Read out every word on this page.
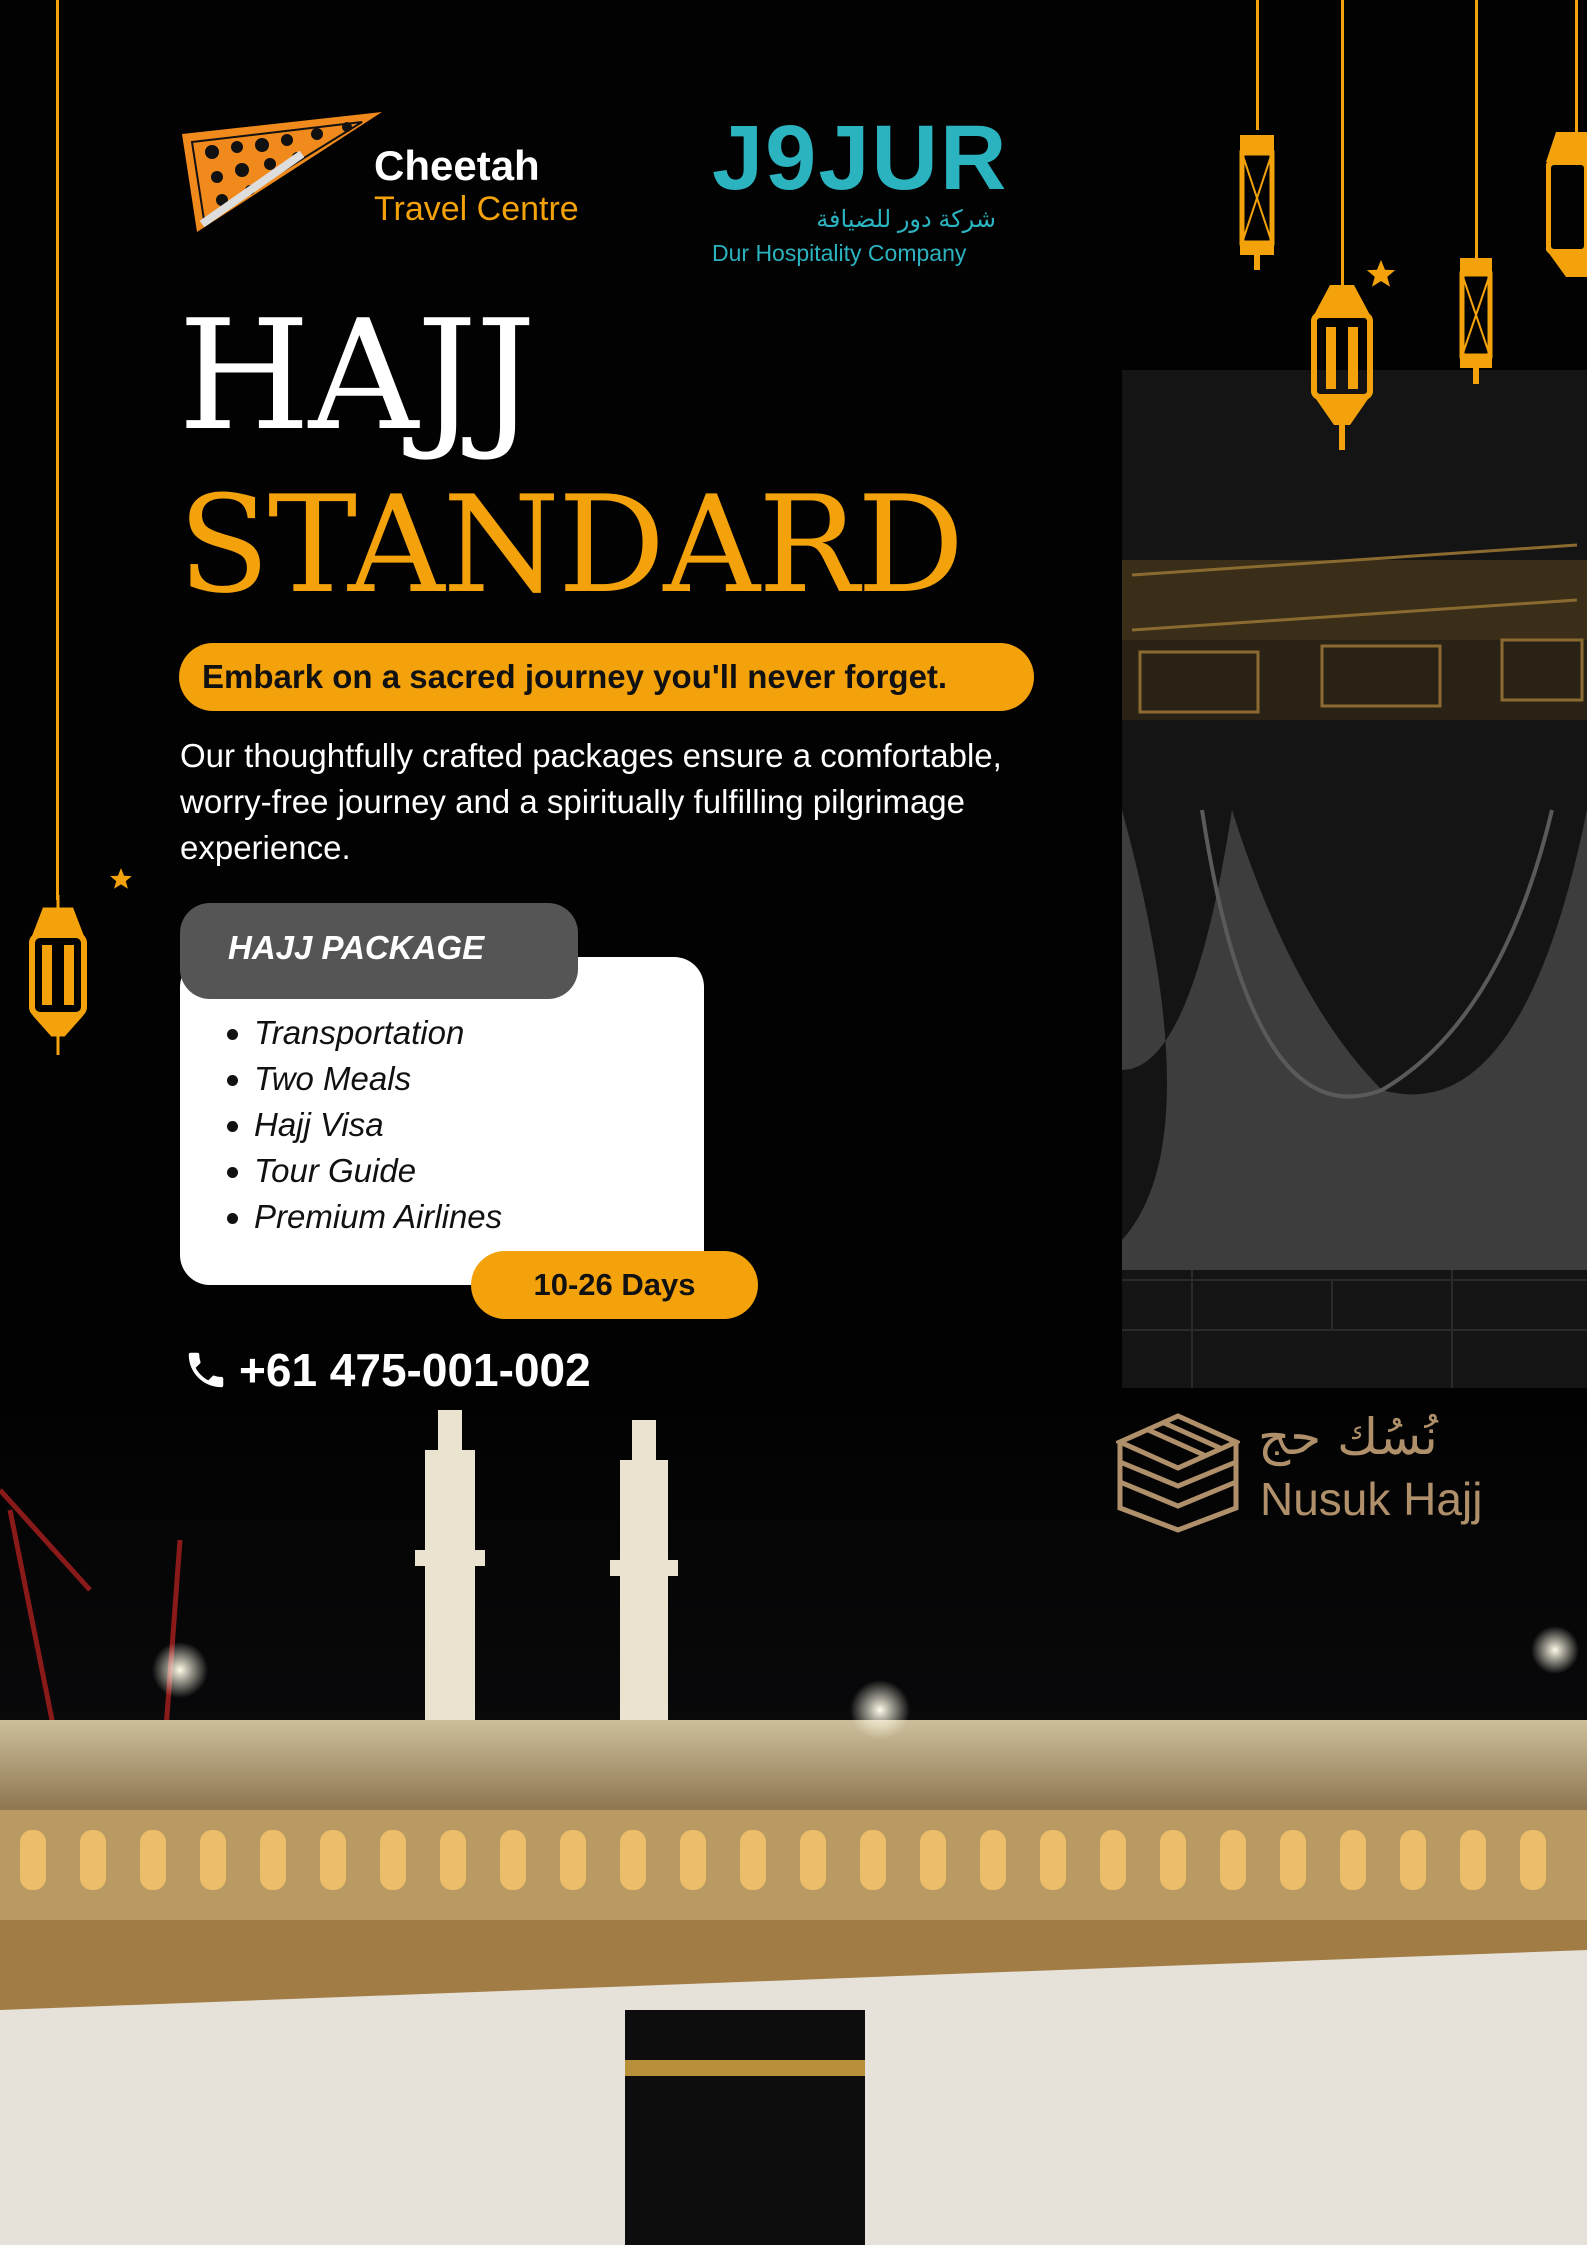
Cheetah
Travel Centre J9JUR
شركة دور للضيافة
Dur Hospitality Company
HAJJ
STANDARD
Embark on a sacred journey you'll never forget.
Our thoughtfully crafted packages ensure a comfortable, worry-free journey and a spiritually fulfilling pilgrimage experience.
HAJJ PACKAGE
Transportation
Two Meals
Hajj Visa
Tour Guide
Premium Airlines
10-26 Days
+61 475-001-002
نُسُك حج
Nusuk Hajj
